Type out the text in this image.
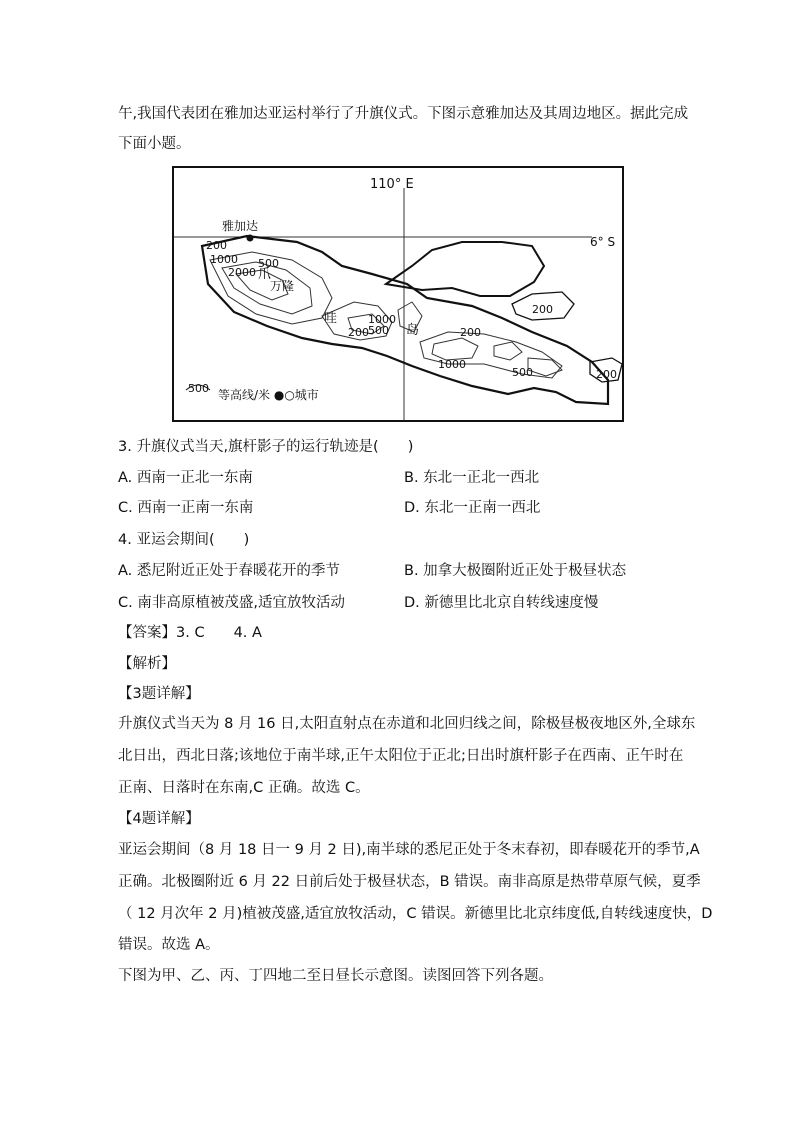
午,我国代表团在雅加达亚运村举行了升旗仪式。下图示意雅加达及其周边地区。据此完成
下面小题。
110° E
6° S
雅加达
爪
哇
岛
万隆
200
1000 500
2000
200
1000
500	200
1000
500
200
200
500 等高线/米 ●○城市
3. 升旗仪式当天,旗杆影子的运行轨迹是(　　)
A. 西南一正北一东南	B. 东北一正北一西北
C. 西南一正南一东南	D. 东北一正南一西北
4. 亚运会期间(　　)
A. 悉尼附近正处于春暖花开的季节	B. 加拿大极圈附近正处于极昼状态
C. 南非高原植被茂盛,适宜放牧活动	D. 新德里比北京自转线速度慢
【答案】3. C　　4. A
【解析】
【3题详解】
升旗仪式当天为 8 月 16 日,太阳直射点在赤道和北回归线之间，除极昼极夜地区外,全球东
北日出，西北日落;该地位于南半球,正午太阳位于正北;日出时旗杆影子在西南、正午时在
正南、日落时在东南,C 正确。故选 C。
【4题详解】
亚运会期间（8 月 18 日一 9 月 2 日),南半球的悉尼正处于冬末春初，即春暖花开的季节,A
正确。北极圈附近 6 月 22 日前后处于极昼状态，B 错误。南非高原是热带草原气候，夏季
（ 12 月次年 2 月)植被茂盛,适宜放牧活动，C 错误。新德里比北京纬度低,自转线速度快，D
错误。故选 A。
下图为甲、乙、丙、丁四地二至日昼长示意图。读图回答下列各题。
